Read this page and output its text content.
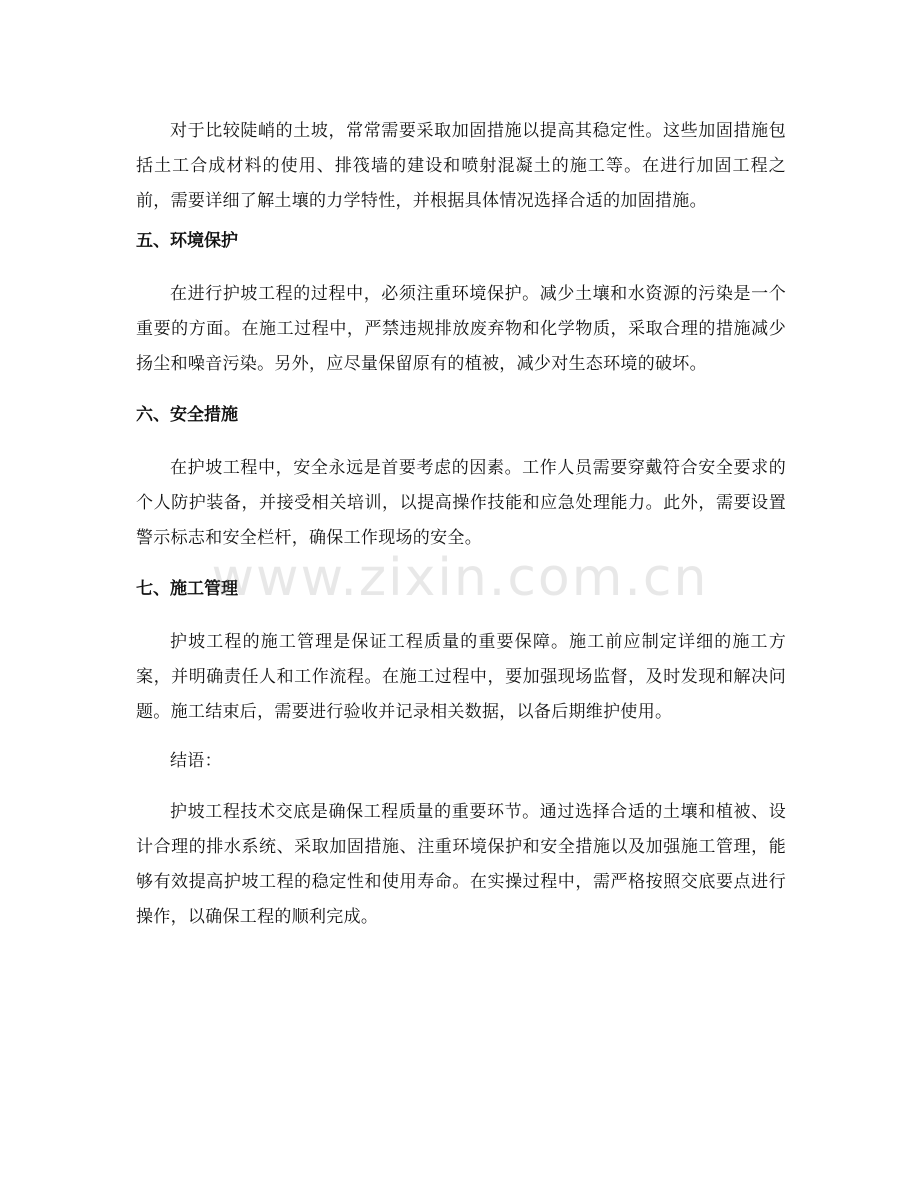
对于比较陡峭的土坡，常常需要采取加固措施以提高其稳定性。这些加固措施包括土工合成材料的使用、排筏墙的建设和喷射混凝土的施工等。在进行加固工程之前，需要详细了解土壤的力学特性，并根据具体情况选择合适的加固措施。
五、环境保护
在进行护坡工程的过程中，必须注重环境保护。减少土壤和水资源的污染是一个重要的方面。在施工过程中，严禁违规排放废弃物和化学物质，采取合理的措施减少扬尘和噪音污染。另外，应尽量保留原有的植被，减少对生态环境的破坏。
六、安全措施
在护坡工程中，安全永远是首要考虑的因素。工作人员需要穿戴符合安全要求的个人防护装备，并接受相关培训，以提高操作技能和应急处理能力。此外，需要设置警示标志和安全栏杆，确保工作现场的安全。
七、施工管理
护坡工程的施工管理是保证工程质量的重要保障。施工前应制定详细的施工方案，并明确责任人和工作流程。在施工过程中，要加强现场监督，及时发现和解决问题。施工结束后，需要进行验收并记录相关数据，以备后期维护使用。
结语：
护坡工程技术交底是确保工程质量的重要环节。通过选择合适的土壤和植被、设计合理的排水系统、采取加固措施、注重环境保护和安全措施以及加强施工管理，能够有效提高护坡工程的稳定性和使用寿命。在实操过程中，需严格按照交底要点进行操作，以确保工程的顺利完成。
www.zixin.com.cn
